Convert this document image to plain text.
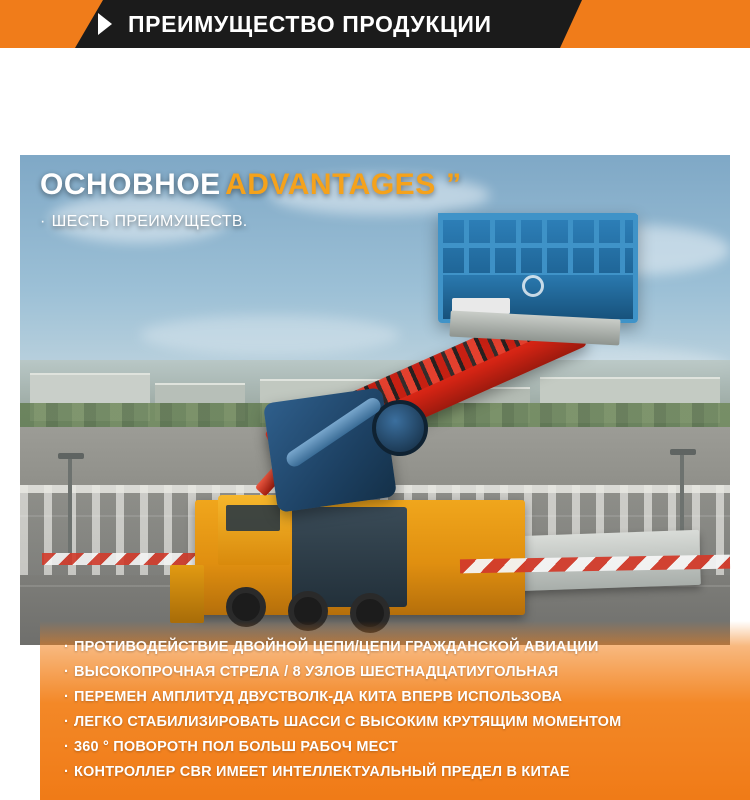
ПРЕИМУЩЕСТВО ПРОДУКЦИИ
· ПРОТИВОДЕЙСТВИЕ ДВОЙНОЙ ЦЕПИ/ЦЕПИ ГРАЖДАНСКОЙ АВИАЦИИ
· ВЫСОКОПРОЧНАЯ СТРЕЛА / 8 УЗЛОВ ШЕСТНАДЦАТИУГОЛЬНАЯ
· ПЕРЕМЕН АМПЛИТУД ДВУСТВОЛК-ДА КИТА ВПЕРВ ИСПОЛЬЗОВА
· ЛЕГКО СТАБИЛИЗИРОВАТЬ ШАССИ С ВЫСОКИМ КРУТЯЩИМ МОМЕНТОМ
· 360 ° ПОВОРОТН ПОЛ БОЛЬШ РАБОЧ МЕСТ
· КОНТРОЛЛЕР CBR ИМЕЕТ ИНТЕЛЛЕКТУАЛЬНЫЙ ПРЕДЕЛ В КИТАЕ
ОСНОВНОЕ ADVANTAGES ”
· ШЕСТЬ ПРЕИМУЩЕСТВ.
